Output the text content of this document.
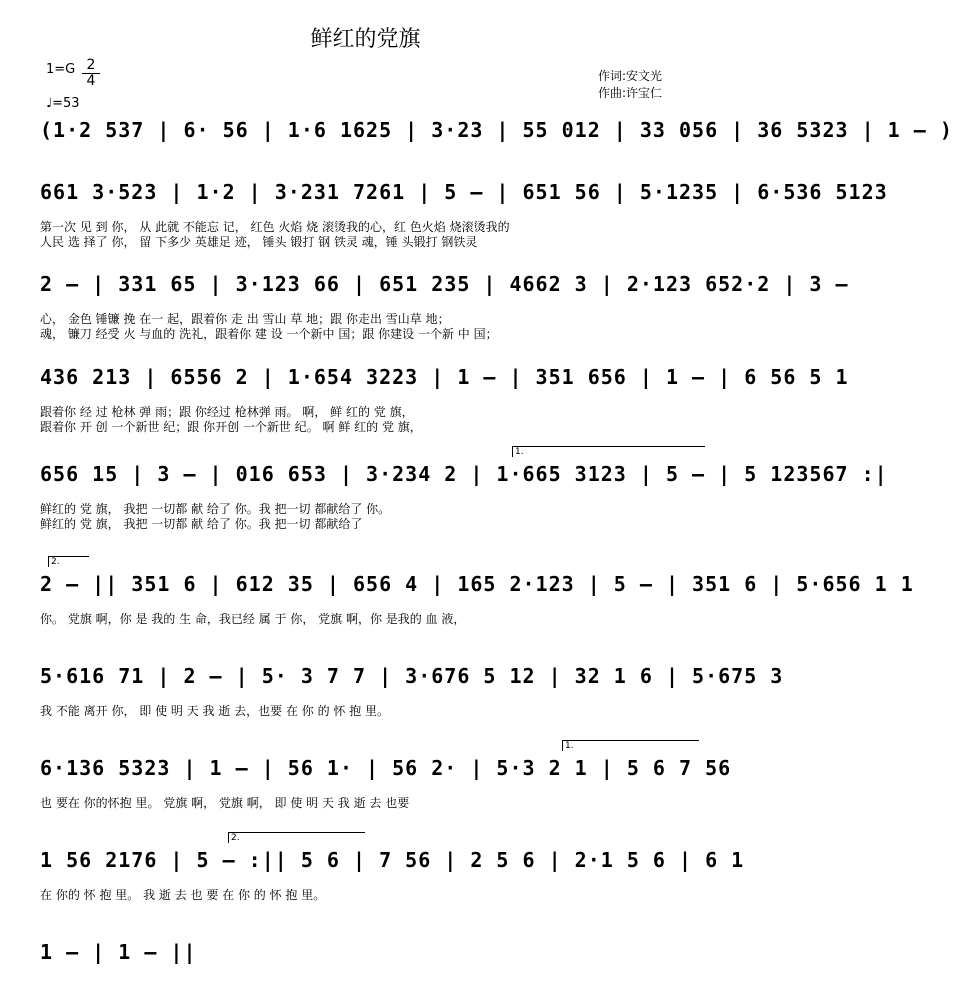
鲜红的党旗
$1=G \frac{2}{4}$
♩=53
作词:安文光
作曲:许宝仁
(1·2 537 | 6· 56 | 1·6 1625 | 3·23 | 55 012 | 33 056 | 36 5323 | 1 — )
661 3·523 | 1·2 | 3·231 7261 | 5 — | 651 56 | 5·1235 | 6·536 5123
第一次 见 到 你， 从 此就 不能忘 记， 红色 火焰 烧 滚烫我的心，红 色火焰 烧滚烫我的
人民 选 择了 你， 留 下多少 英雄足 迹， 锤头 锻打 钢 铁灵 魂，锤 头锻打 钢铁灵
2 — | 331 65 | 3·123 66 | 651 235 | 4662 3 | 2·123 652·2 | 3 —
心， 金色 锤镰 挽 在一 起，跟着你 走 出 雪山 草 地；跟 你走出 雪山草 地；
魂， 镰刀 经受 火 与血的 洗礼，跟着你 建 设 一个新中 国；跟 你建设 一个新 中 国；
436 213 | 6556 2 | 1·654 3223 | 1 — | 351 656 | 1 — | 6 56 5 1
跟着你 经 过 枪林 弹 雨；跟 你经过 枪林弹 雨。 啊， 鲜 红的 党 旗，
跟着你 开 创 一个新世 纪；跟 你开创 一个新世 纪。 啊 鲜 红的 党 旗，
1.
656 15 | 3 — | 016 653 | 3·234 2 | 1·665 3123 | 5 — | 5 123567 :|
鲜红的 党 旗， 我把 一切都 献 给了 你。我 把一切 都献给了 你。
鲜红的 党 旗， 我把 一切都 献 给了 你。我 把一切 都献给了
2.
2 — || 351 6 | 612 35 | 656 4 | 165 2·123 | 5 — | 351 6 | 5·656 1 1
你。 党旗 啊，你 是 我的 生 命，我已经 属 于 你， 党旗 啊，你 是我的 血 液，
5·616 71 | 2 — | 5· 3 7 7 | 3·676 5 12 | 32 1 6 | 5·675 3
我 不能 离开 你， 即 使 明 天 我 逝 去，也要 在 你 的 怀 抱 里。
1.
6·136 5323 | 1 — | 56 1· | 56 2· | 5·3 2 1 | 5 6 7 56
也 要在 你的怀抱 里。 党旗 啊， 党旗 啊， 即 使 明 天 我 逝 去 也要
2.
1 56 2176 | 5 — :|| 5 6 | 7 56 | 2 5 6 | 2·1 5 6 | 6 1
在 你的 怀 抱 里。 我 逝 去 也 要 在 你 的 怀 抱 里。
1 — | 1 — ||
